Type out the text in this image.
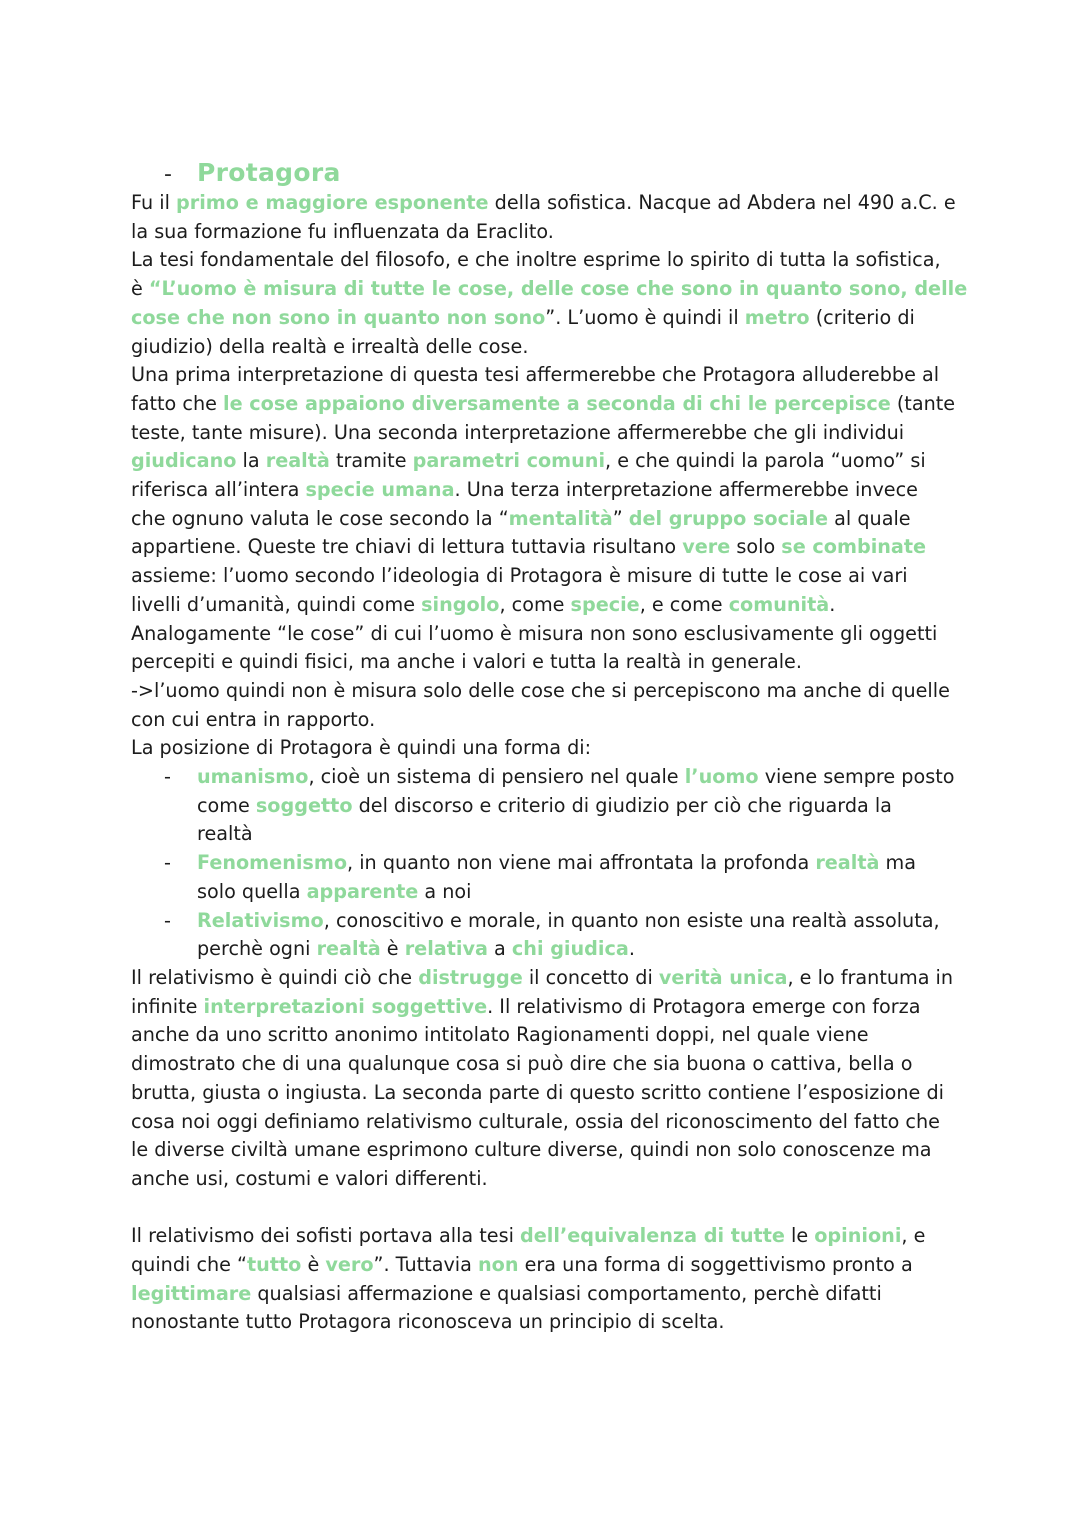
-	Protagora
Fu il primo e maggiore esponente della sofistica. Nacque ad Abdera nel 490 a.C. e
la sua formazione fu influenzata da Eraclito.
La tesi fondamentale del filosofo, e che inoltre esprime lo spirito di tutta la sofistica,
è “L’uomo è misura di tutte le cose, delle cose che sono in quanto sono, delle
cose che non sono in quanto non sono”. L’uomo è quindi il metro (criterio di
giudizio) della realtà e irrealtà delle cose.
Una prima interpretazione di questa tesi affermerebbe che Protagora alluderebbe al
fatto che le cose appaiono diversamente a seconda di chi le percepisce (tante
teste, tante misure). Una seconda interpretazione affermerebbe che gli individui
giudicano la realtà tramite parametri comuni, e che quindi la parola “uomo” si
riferisca all’intera specie umana. Una terza interpretazione affermerebbe invece
che ognuno valuta le cose secondo la “mentalità” del gruppo sociale al quale
appartiene. Queste tre chiavi di lettura tuttavia risultano vere solo se combinate
assieme: l’uomo secondo l’ideologia di Protagora è misure di tutte le cose ai vari
livelli d’umanità, quindi come singolo, come specie, e come comunità.
Analogamente “le cose” di cui l’uomo è misura non sono esclusivamente gli oggetti
percepiti e quindi fisici, ma anche i valori e tutta la realtà in generale.
->l’uomo quindi non è misura solo delle cose che si percepiscono ma anche di quelle
con cui entra in rapporto.
La posizione di Protagora è quindi una forma di:
-	umanismo, cioè un sistema di pensiero nel quale l’uomo viene sempre posto
come soggetto del discorso e criterio di giudizio per ciò che riguarda la
realtà
-	Fenomenismo, in quanto non viene mai affrontata la profonda realtà ma
solo quella apparente a noi
-	Relativismo, conoscitivo e morale, in quanto non esiste una realtà assoluta,
perchè ogni realtà è relativa a chi giudica.
Il relativismo è quindi ciò che distrugge il concetto di verità unica, e lo frantuma in
infinite interpretazioni soggettive. Il relativismo di Protagora emerge con forza
anche da uno scritto anonimo intitolato Ragionamenti doppi, nel quale viene
dimostrato che di una qualunque cosa si può dire che sia buona o cattiva, bella o
brutta, giusta o ingiusta. La seconda parte di questo scritto contiene l’esposizione di
cosa noi oggi definiamo relativismo culturale, ossia del riconoscimento del fatto che
le diverse civiltà umane esprimono culture diverse, quindi non solo conoscenze ma
anche usi, costumi e valori differenti.
Il relativismo dei sofisti portava alla tesi dell’equivalenza di tutte le opinioni, e
quindi che “tutto è vero”. Tuttavia non era una forma di soggettivismo pronto a
legittimare qualsiasi affermazione e qualsiasi comportamento, perchè difatti
nonostante tutto Protagora riconosceva un principio di scelta.
